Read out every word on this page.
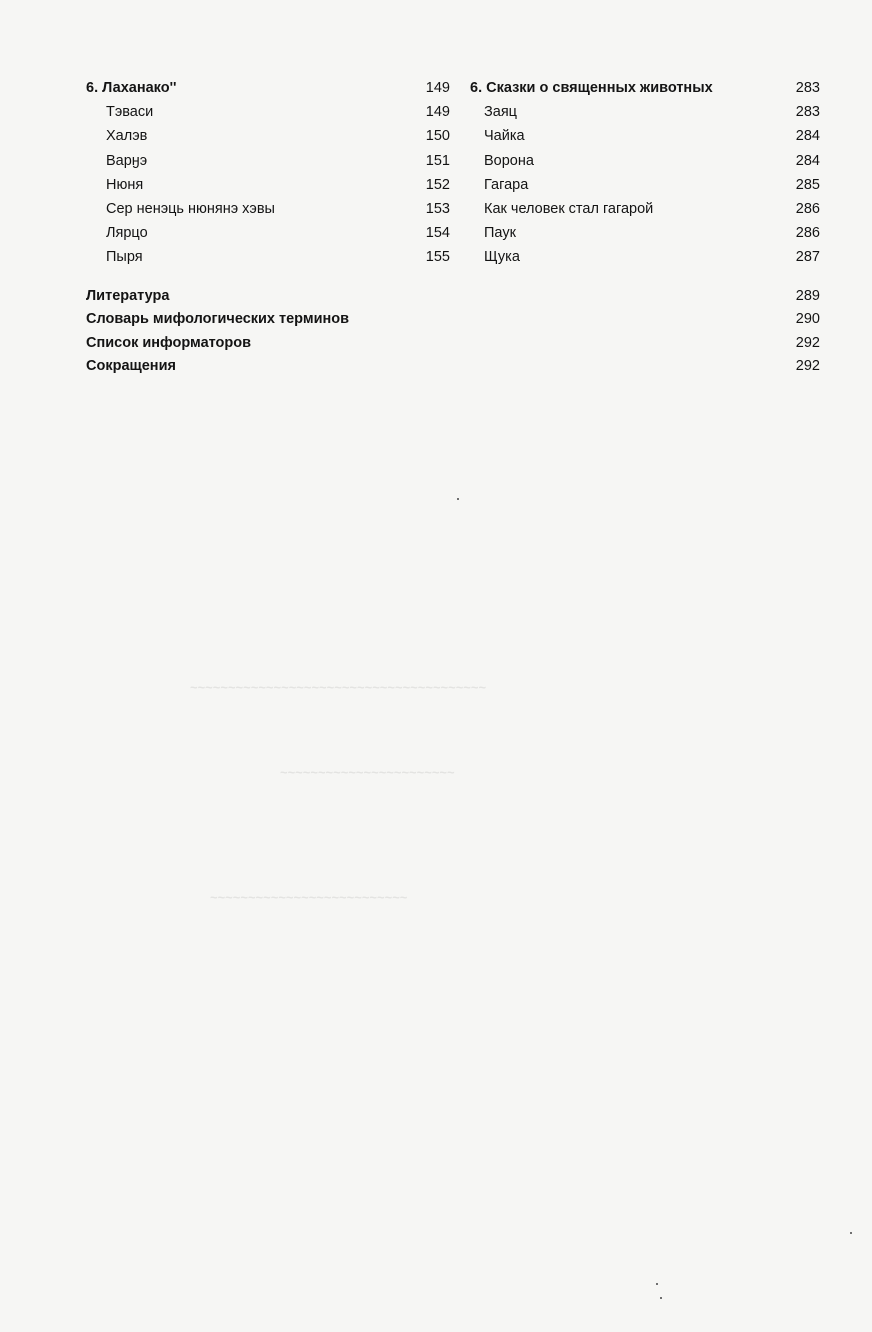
~~~~~~~~~~~~~~~~~~~~~~~~~~
~~~~~~~~~~~~~~~~~~~~~~~
~~~~~~~~~~~~~~~~~~~~~~~~~~~~~~~~~~~~~~~
6. Лаханако''	149
Тэваси	149
Халэв	150
Варӈэ	151
Нюня	152
Сер ненэць нюнянэ хэвы	153
Лярцо	154
Пыря	155
6. Сказки о священных животных	283
Заяц	283
Чайка	284
Ворона	284
Гагара	285
Как человек стал гагарой	286
Паук	286
Щука	287
Литература	289
Словарь мифологических терминов	290
Список информаторов	292
Сокращения	292
